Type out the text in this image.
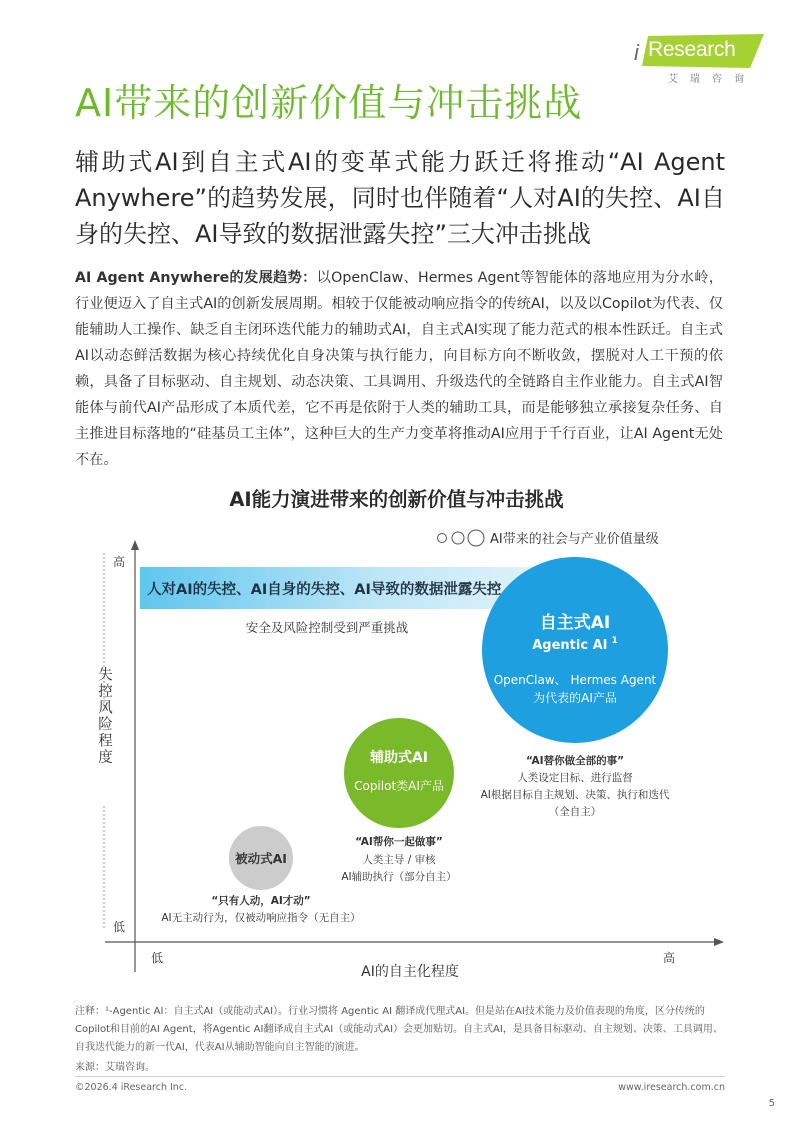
i Research
艾瑞咨询
AI带来的创新价值与冲击挑战
辅助式AI到自主式AI的变革式能力跃迁将推动“AI Agent Anywhere”的趋势发展，同时也伴随着“人对AI的失控、AI自身的失控、AI导致的数据泄露失控”三大冲击挑战
AI Agent Anywhere的发展趋势：以OpenClaw、Hermes Agent等智能体的落地应用为分水岭，行业便迈入了自主式AI的创新发展周期。相较于仅能被动响应指令的传统AI，以及以Copilot为代表、仅能辅助人工操作、缺乏自主闭环迭代能力的辅助式AI，自主式AI实现了能力范式的根本性跃迁。自主式AI以动态鲜活数据为核心持续优化自身决策与执行能力，向目标方向不断收敛，摆脱对人工干预的依赖，具备了目标驱动、自主规划、动态决策、工具调用、升级迭代的全链路自主作业能力。自主式AI智能体与前代AI产品形成了本质代差，它不再是依附于人类的辅助工具，而是能够独立承接复杂任务、自主推进目标落地的“硅基员工主体”，这种巨大的生产力变革将推动AI应用于千行百业，让AI Agent无处不在。
AI能力演进带来的创新价值与冲击挑战
AI带来的社会与产业价值量级
高
低
低	高
失控风险程度
AI的自主化程度
人对AI的失控、AI自身的失控、AI导致的数据泄露失控
安全及风险控制受到严重挑战
被动式AI
“只有人动，AI才动”
AI无主动行为，仅被动响应指令（无自主）
辅助式AI
Copilot类AI产品
“AI帮你一起做事”
人类主导 / 审核
AI辅助执行（部分自主）
自主式AI
Agentic AI $^1$
OpenClaw、 Hermes Agent
为代表的AI产品
“AI替你做全部的事”
人类设定目标、进行监督
AI根据目标自主规划、决策、执行和迭代
（全自主）
注释：¹-Agentic AI：自主式AI（或能动式AI）。行业习惯将 Agentic AI 翻译成代理式AI。但是站在AI技术能力及价值表现的角度，区分传统的Copilot和目前的AI Agent，将Agentic AI翻译成自主式AI（或能动式AI）会更加贴切。自主式AI，是具备目标驱动、自主规划、决策、工具调用、自我迭代能力的新一代AI，代表AI从辅助智能向自主智能的演进。
来源：艾瑞咨询。
©2026.4 iResearch Inc.	www.iresearch.com.cn
5
